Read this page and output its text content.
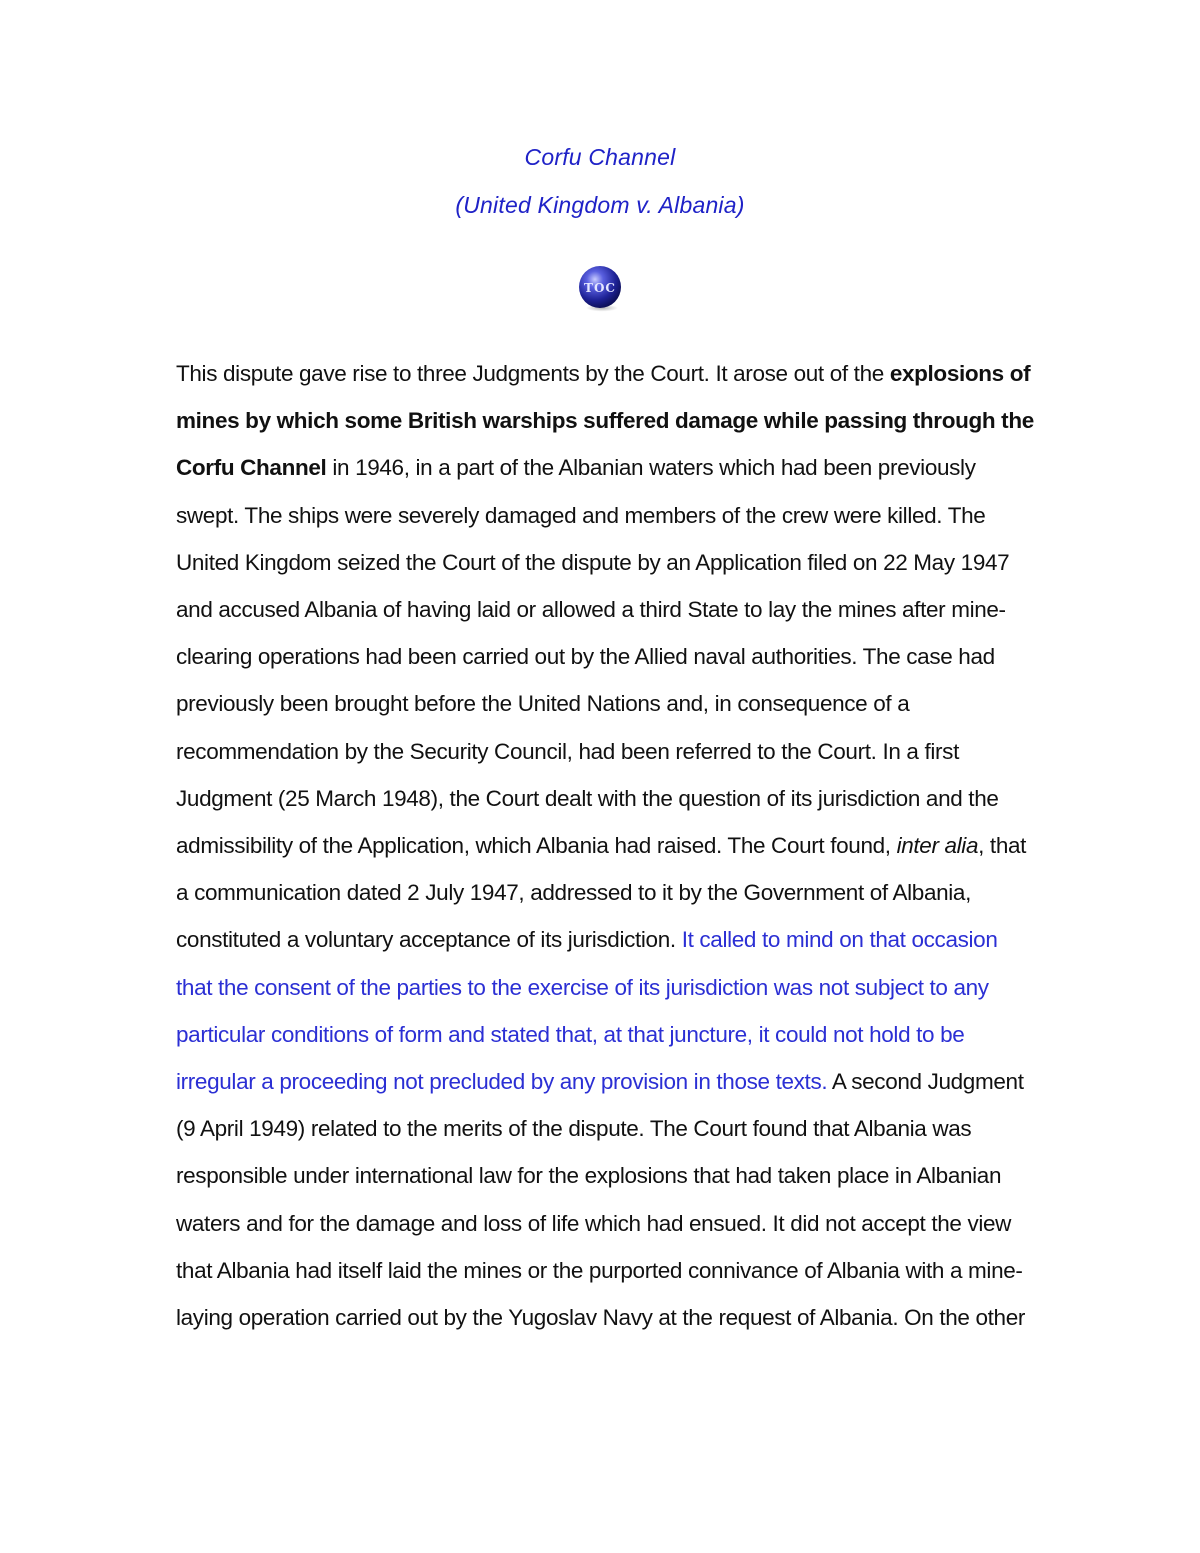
Corfu Channel

(United Kingdom v. Albania)

TOC

This dispute gave rise to three Judgments by the Court. It arose out of the explosions of mines by which some British warships suffered damage while passing through the Corfu Channel in 1946, in a part of the Albanian waters which had been previously swept. The ships were severely damaged and members of the crew were killed. The United Kingdom seized the Court of the dispute by an Application filed on 22 May 1947 and accused Albania of having laid or allowed a third State to lay the mines after mine-clearing operations had been carried out by the Allied naval authorities. The case had previously been brought before the United Nations and, in consequence of a recommendation by the Security Council, had been referred to the Court. In a first Judgment (25 March 1948), the Court dealt with the question of its jurisdiction and the admissibility of the Application, which Albania had raised. The Court found, inter alia, that a communication dated 2 July 1947, addressed to it by the Government of Albania, constituted a voluntary acceptance of its jurisdiction. It called to mind on that occasion that the consent of the parties to the exercise of its jurisdiction was not subject to any particular conditions of form and stated that, at that juncture, it could not hold to be irregular a proceeding not precluded by any provision in those texts. A second Judgment (9 April 1949) related to the merits of the dispute. The Court found that Albania was responsible under international law for the explosions that had taken place in Albanian waters and for the damage and loss of life which had ensued. It did not accept the view that Albania had itself laid the mines or the purported connivance of Albania with a mine-laying operation carried out by the Yugoslav Navy at the request of Albania. On the other
